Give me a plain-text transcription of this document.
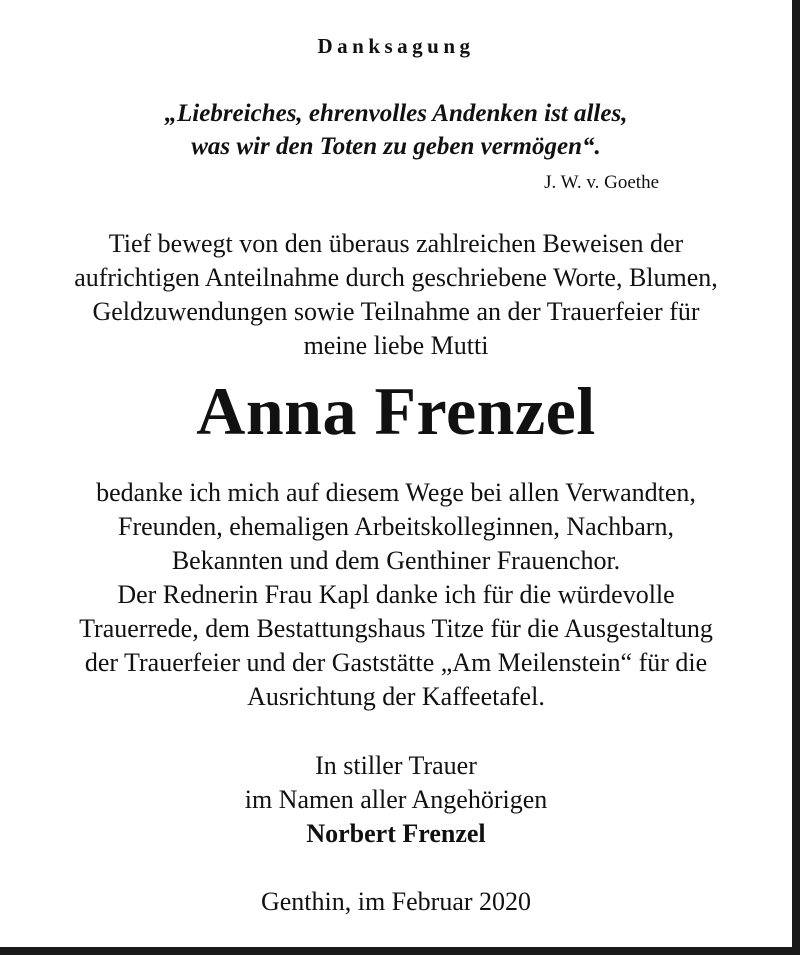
Danksagung
„Liebreiches, ehrenvolles Andenken ist alles,
was wir den Toten zu geben vermögen“.
J. W. v. Goethe
Tief bewegt von den überaus zahlreichen Beweisen der
aufrichtigen Anteilnahme durch geschriebene Worte, Blumen,
Geldzuwendungen sowie Teilnahme an der Trauerfeier für
meine liebe Mutti
Anna Frenzel
bedanke ich mich auf diesem Wege bei allen Verwandten,
Freunden, ehemaligen Arbeitskolleginnen, Nachbarn,
Bekannten und dem Genthiner Frauenchor.
Der Rednerin Frau Kapl danke ich für die würdevolle
Trauerrede, dem Bestattungshaus Titze für die Ausgestaltung
der Trauerfeier und der Gaststätte „Am Meilenstein“ für die
Ausrichtung der Kaffeetafel.
In stiller Trauer
im Namen aller Angehörigen
Norbert Frenzel
Genthin, im Februar 2020
